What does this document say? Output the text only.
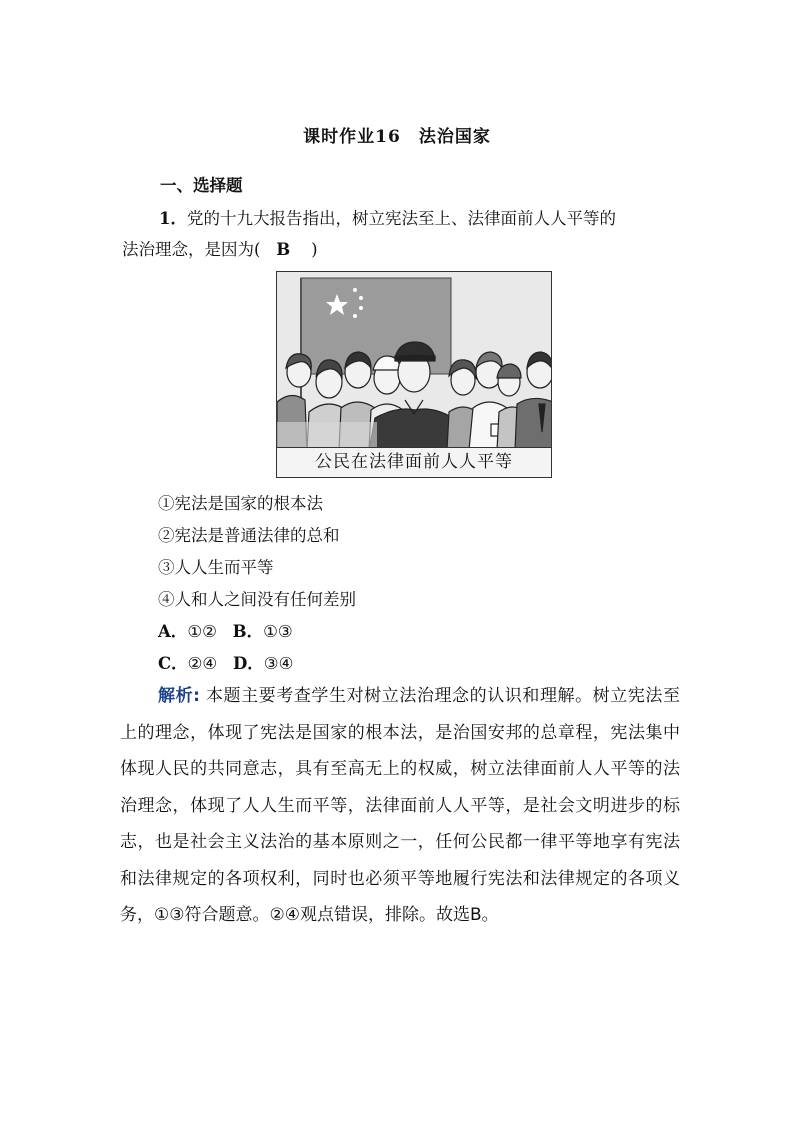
课时作业16　法治国家
一、选择题
1．党的十九大报告指出，树立宪法至上、法律面前人人平等的
法治理念，是因为( B )
公民在法律面前人人平等
①宪法是国家的根本法
②宪法是普通法律的总和
③人人生而平等
④人和人之间没有任何差别
A．①② B．①③
C．②④ D．③④
解析: 本题主要考查学生对树立法治理念的认识和理解。树立宪法至上的理念，体现了宪法是国家的根本法，是治国安邦的总章程，宪法集中体现人民的共同意志，具有至高无上的权威，树立法律面前人人平等的法治理念，体现了人人生而平等，法律面前人人平等，是社会文明进步的标志，也是社会主义法治的基本原则之一，任何公民都一律平等地享有宪法和法律规定的各项权利，同时也必须平等地履行宪法和法律规定的各项义务，①③符合题意。②④观点错误，排除。故选B。
